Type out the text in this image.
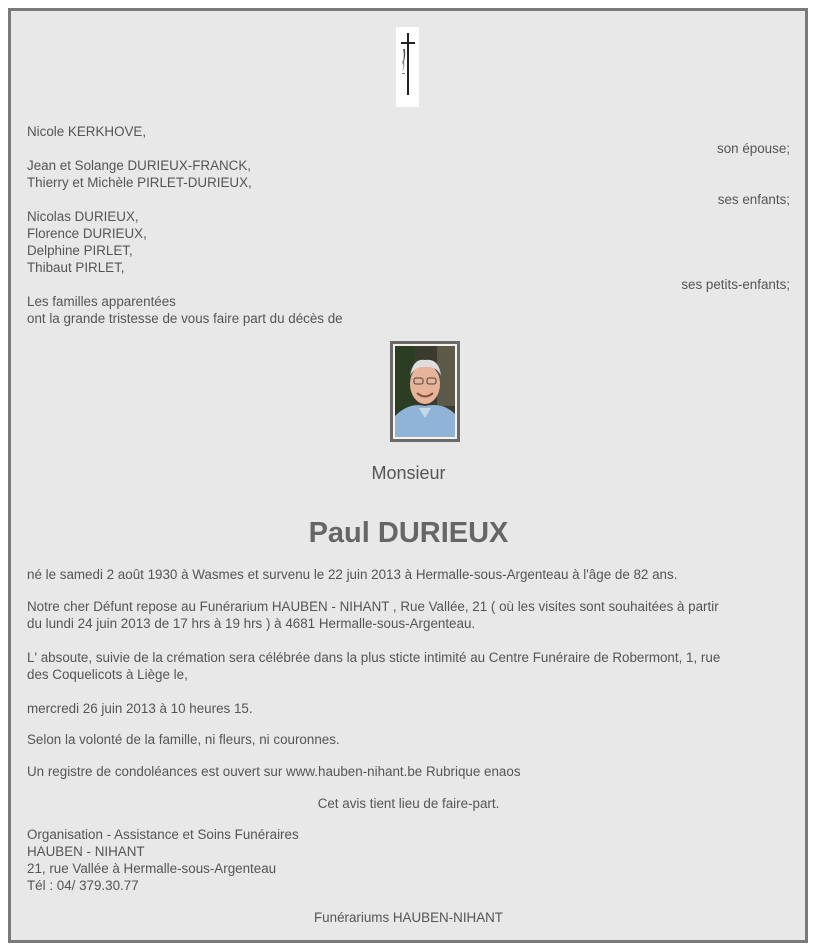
Nicole KERKHOVE,
son épouse;
Jean et Solange DURIEUX-FRANCK,
Thierry et Michèle PIRLET-DURIEUX,
ses enfants;
Nicolas DURIEUX,
Florence DURIEUX,
Delphine PIRLET,
Thibaut PIRLET,
ses petits-enfants;
Les familles apparentées
ont la grande tristesse de vous faire part du décès de
Monsieur
Paul DURIEUX
né le samedi 2 août 1930 à Wasmes et survenu le 22 juin 2013 à Hermalle-sous-Argenteau à l'âge de 82 ans.
Notre cher Défunt repose au Funérarium HAUBEN - NIHANT , Rue Vallée, 21 ( où les visites sont souhaitées à partir
du lundi 24 juin 2013 de 17 hrs à 19 hrs ) à 4681 Hermalle-sous-Argenteau.
L' absoute, suivie de la crémation sera célébrée dans la plus sticte intimité au Centre Funéraire de Robermont, 1, rue
des Coquelicots à Liège le,
mercredi 26 juin 2013 à 10 heures 15.
Selon la volonté de la famille, ni fleurs, ni couronnes.
Un registre de condoléances est ouvert sur www.hauben-nihant.be Rubrique enaos
Cet avis tient lieu de faire-part.
Organisation - Assistance et Soins Funéraires
HAUBEN - NIHANT
21, rue Vallée à Hermalle-sous-Argenteau
Tél : 04/ 379.30.77
Funérariums HAUBEN-NIHANT
